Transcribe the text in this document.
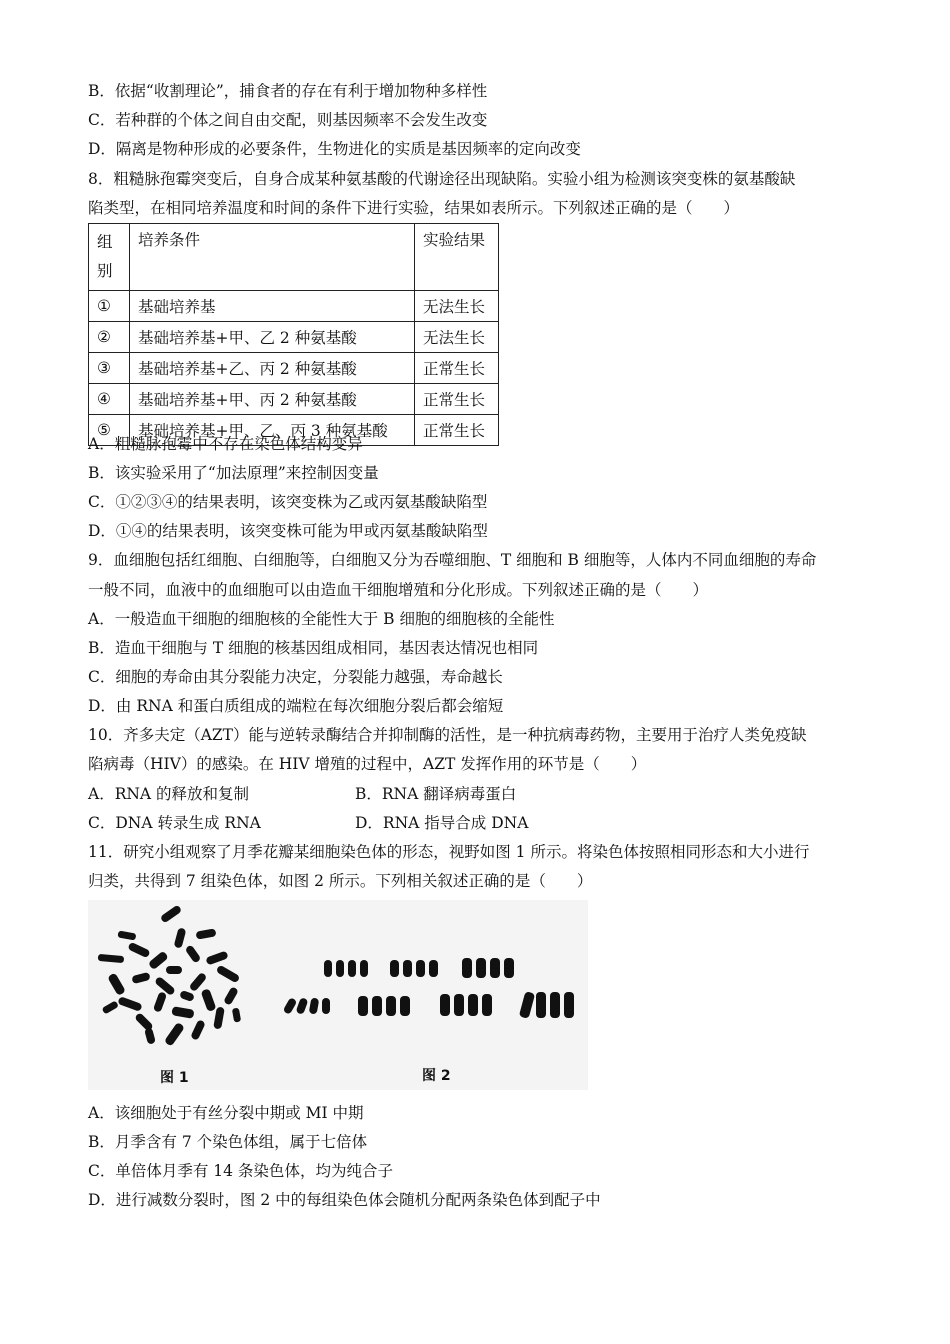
B．依据“收割理论”，捕食者的存在有利于增加物种多样性
C．若种群的个体之间自由交配，则基因频率不会发生改变
D．隔离是物种形成的必要条件，生物进化的实质是基因频率的定向改变
8．粗糙脉孢霉突变后，自身合成某种氨基酸的代谢途径出现缺陷。实验小组为检测该突变株的氨基酸缺
陷类型，在相同培养温度和时间的条件下进行实验，结果如表所示。下列叙述正确的是（　　）
组
别	培养条件	实验结果
①	基础培养基	无法生长
②	基础培养基+甲、乙 2 种氨基酸	无法生长
③	基础培养基+乙、丙 2 种氨基酸	正常生长
④	基础培养基+甲、丙 2 种氨基酸	正常生长
⑤	基础培养基+甲、乙、丙 3 种氨基酸	正常生长
A．粗糙脉孢霉中不存在染色体结构变异
B．该实验采用了“加法原理”来控制因变量
C．①②③④的结果表明，该突变株为乙或丙氨基酸缺陷型
D．①④的结果表明，该突变株可能为甲或丙氨基酸缺陷型
9．血细胞包括红细胞、白细胞等，白细胞又分为吞噬细胞、T 细胞和 B 细胞等，人体内不同血细胞的寿命
一般不同，血液中的血细胞可以由造血干细胞增殖和分化形成。下列叙述正确的是（　　）
A．一般造血干细胞的细胞核的全能性大于 B 细胞的细胞核的全能性
B．造血干细胞与 T 细胞的核基因组成相同，基因表达情况也相同
C．细胞的寿命由其分裂能力决定，分裂能力越强，寿命越长
D．由 RNA 和蛋白质组成的端粒在每次细胞分裂后都会缩短
10．齐多夫定（AZT）能与逆转录酶结合并抑制酶的活性，是一种抗病毒药物，主要用于治疗人类免疫缺
陷病毒（HIV）的感染。在 HIV 增殖的过程中，AZT 发挥作用的环节是（　　）
A．RNA 的释放和复制	B．RNA 翻译病毒蛋白
C．DNA 转录生成 RNA	D．RNA 指导合成 DNA
11．研究小组观察了月季花瓣某细胞染色体的形态，视野如图 1 所示。将染色体按照相同形态和大小进行
归类，共得到 7 组染色体，如图 2 所示。下列相关叙述正确的是（　　）
图 1	图 2
A．该细胞处于有丝分裂中期或 MI 中期
B．月季含有 7 个染色体组，属于七倍体
C．单倍体月季有 14 条染色体，均为纯合子
D．进行减数分裂时，图 2 中的每组染色体会随机分配两条染色体到配子中
